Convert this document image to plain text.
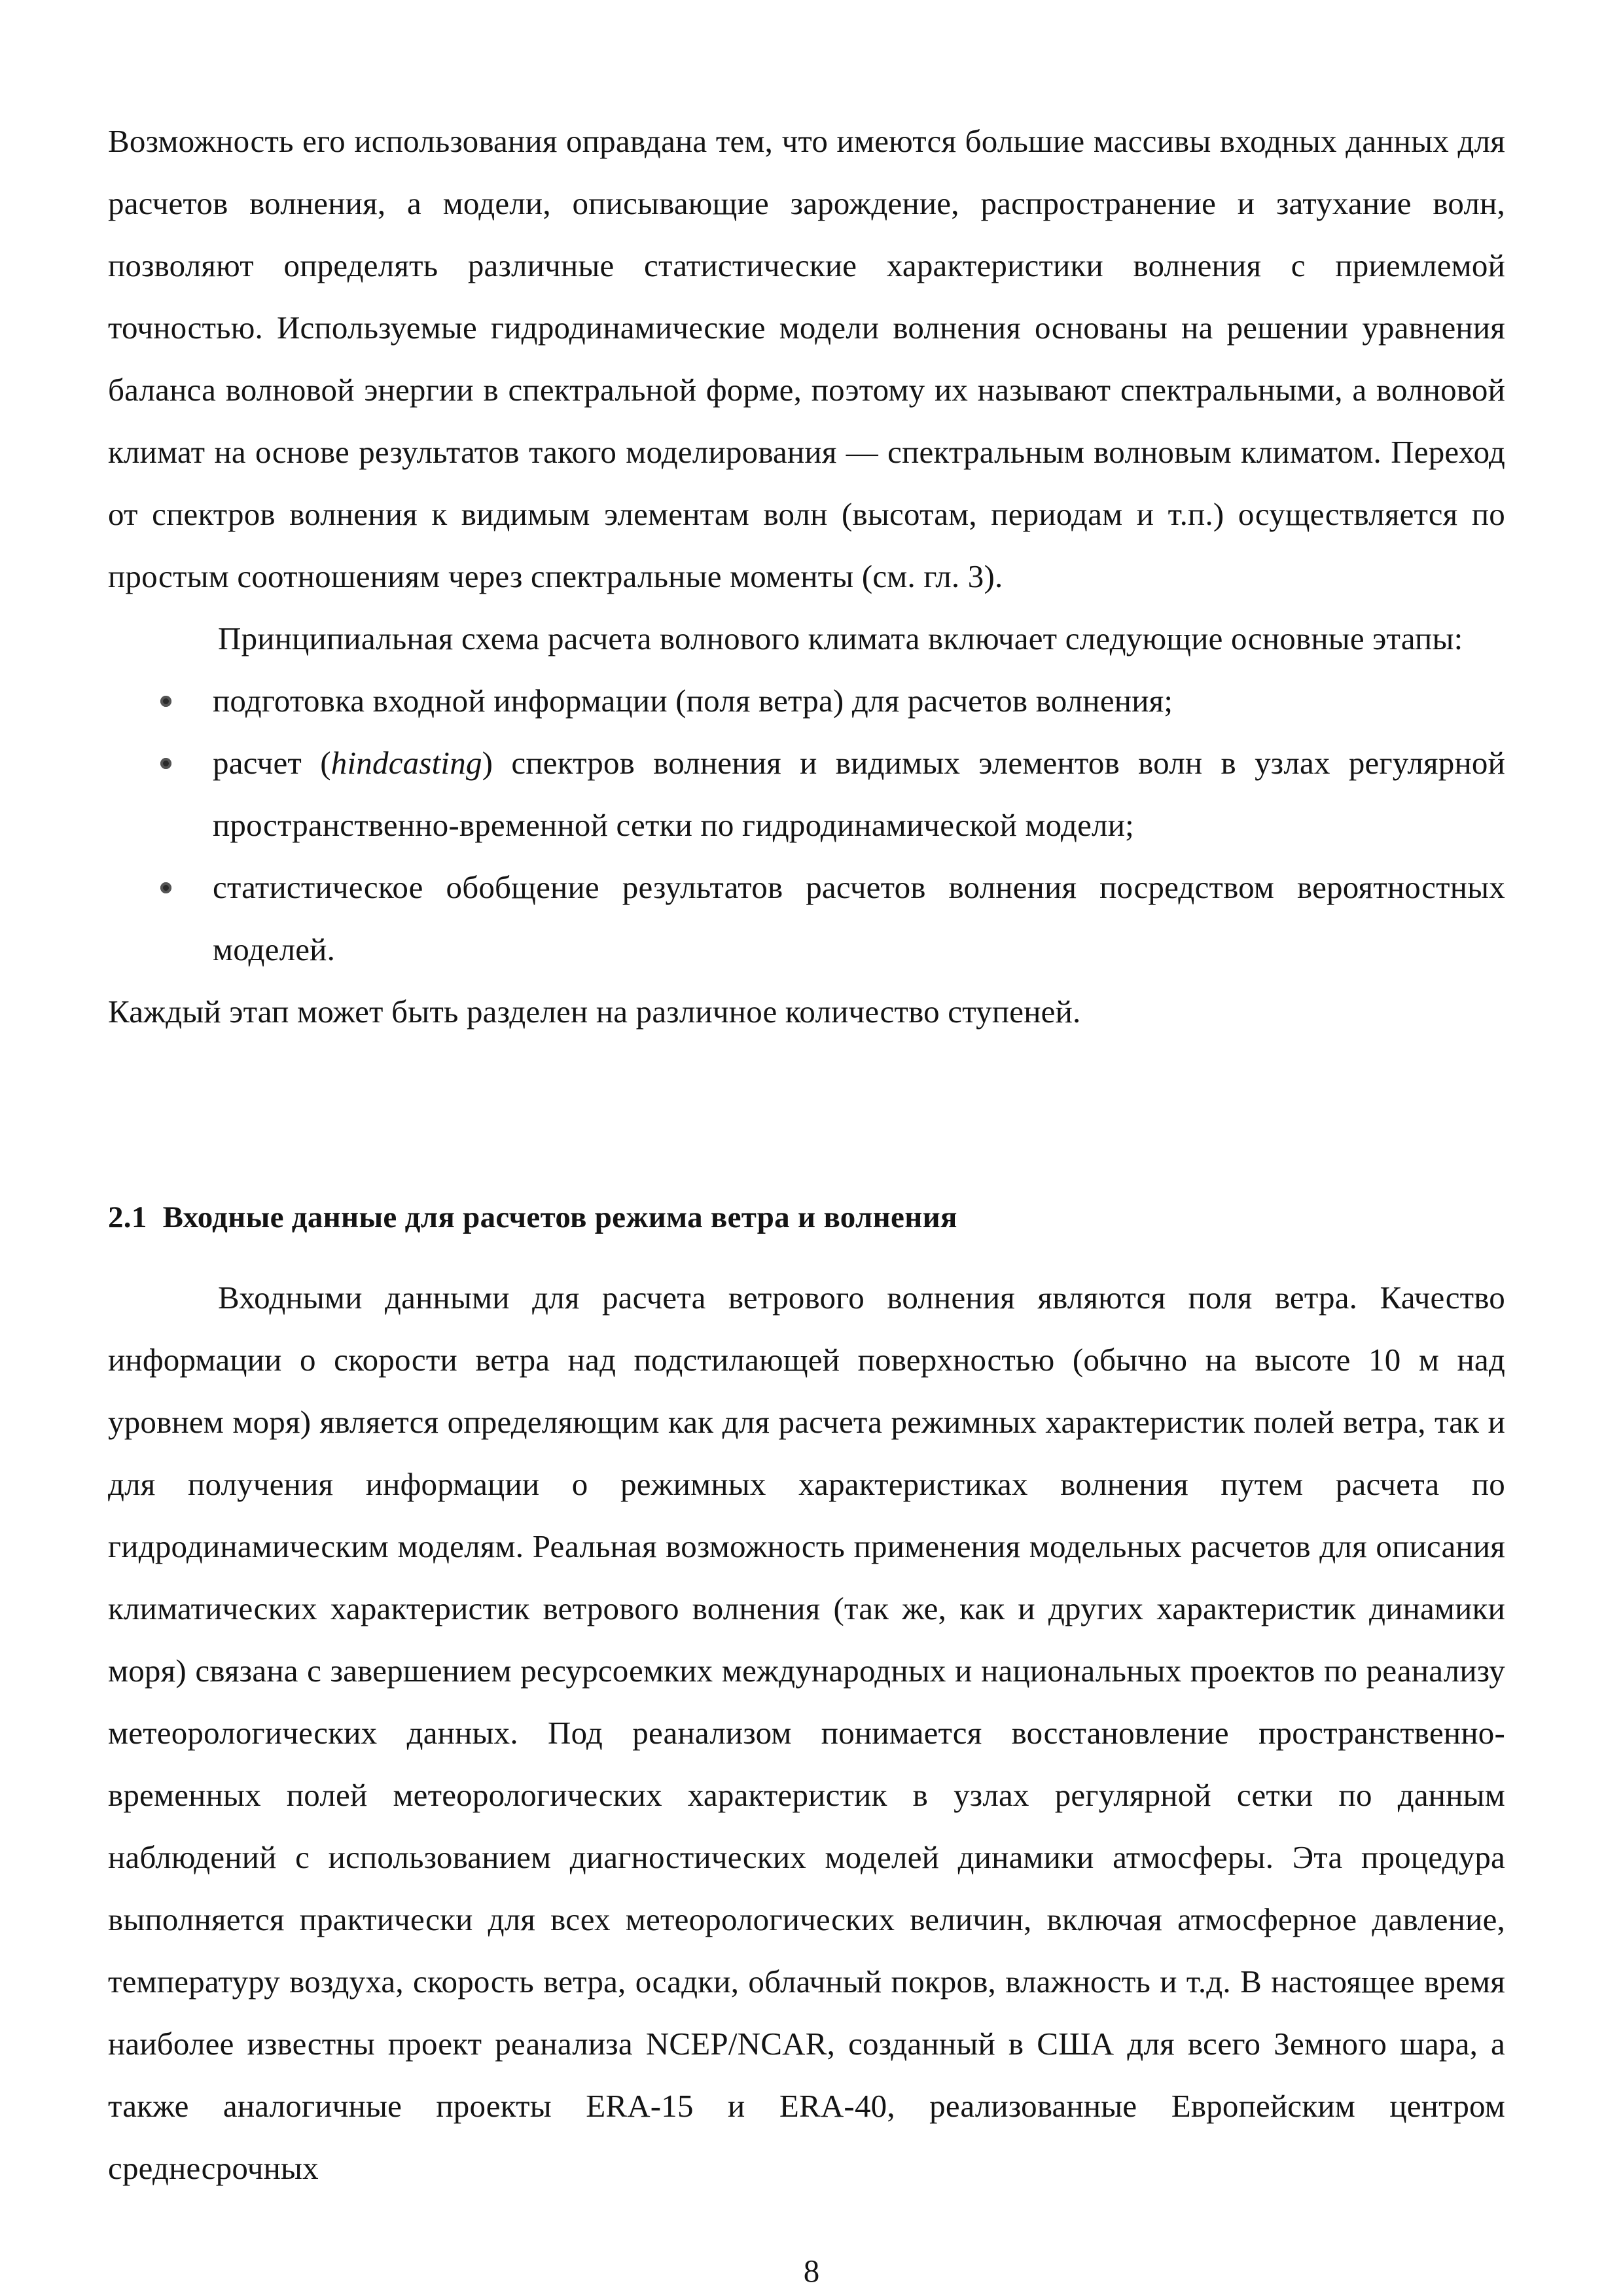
Возможность его использования оправдана тем, что имеются большие массивы входных данных для расчетов волнения, а модели, описывающие зарождение, распространение и затухание волн, позволяют определять различные статистические характеристики волнения с приемлемой точностью. Используемые гидродинамические модели волнения основаны на решении уравнения баланса волновой энергии в спектральной форме, поэтому их называют спектральными, а волновой климат на основе результатов такого моделирования — спектральным волновым климатом. Переход от спектров волнения к видимым элементам волн (высотам, периодам и т.п.) осуществляется по простым соотношениям через спектральные моменты (см. гл. 3).

Принципиальная схема расчета волнового климата включает следующие основные этапы:

подготовка входной информации (поля ветра) для расчетов волнения;
расчет (hindcasting) спектров волнения и видимых элементов волн в узлах регулярной пространственно-временной сетки по гидродинамической модели;
статистическое обобщение результатов расчетов волнения посредством вероятностных моделей.

Каждый этап может быть разделен на различное количество ступеней.

2.1 Входные данные для расчетов режима ветра и волнения

Входными данными для расчета ветрового волнения являются поля ветра. Качество информации о скорости ветра над подстилающей поверхностью (обычно на высоте 10 м над уровнем моря) является определяющим как для расчета режимных характеристик полей ветра, так и для получения информации о режимных характеристиках волнения путем расчета по гидродинамическим моделям. Реальная возможность применения модельных расчетов для описания климатических характеристик ветрового волнения (так же, как и других характеристик динамики моря) связана с завершением ресурсоемких международных и национальных проектов по реанализу метеорологических данных. Под реанализом понимается восстановление пространственно-временных полей метеорологических характеристик в узлах регулярной сетки по данным наблюдений с использованием диагностических моделей динамики атмосферы. Эта процедура выполняется практически для всех метеорологических величин, включая атмосферное давление, температуру воздуха, скорость ветра, осадки, облачный покров, влажность и т.д. В настоящее время наиболее известны проект реанализа NCEP/NCAR, созданный в США для всего Земного шара, а также аналогичные проекты ERA-15 и ERA-40, реализованные Европейским центром среднесрочных

8
